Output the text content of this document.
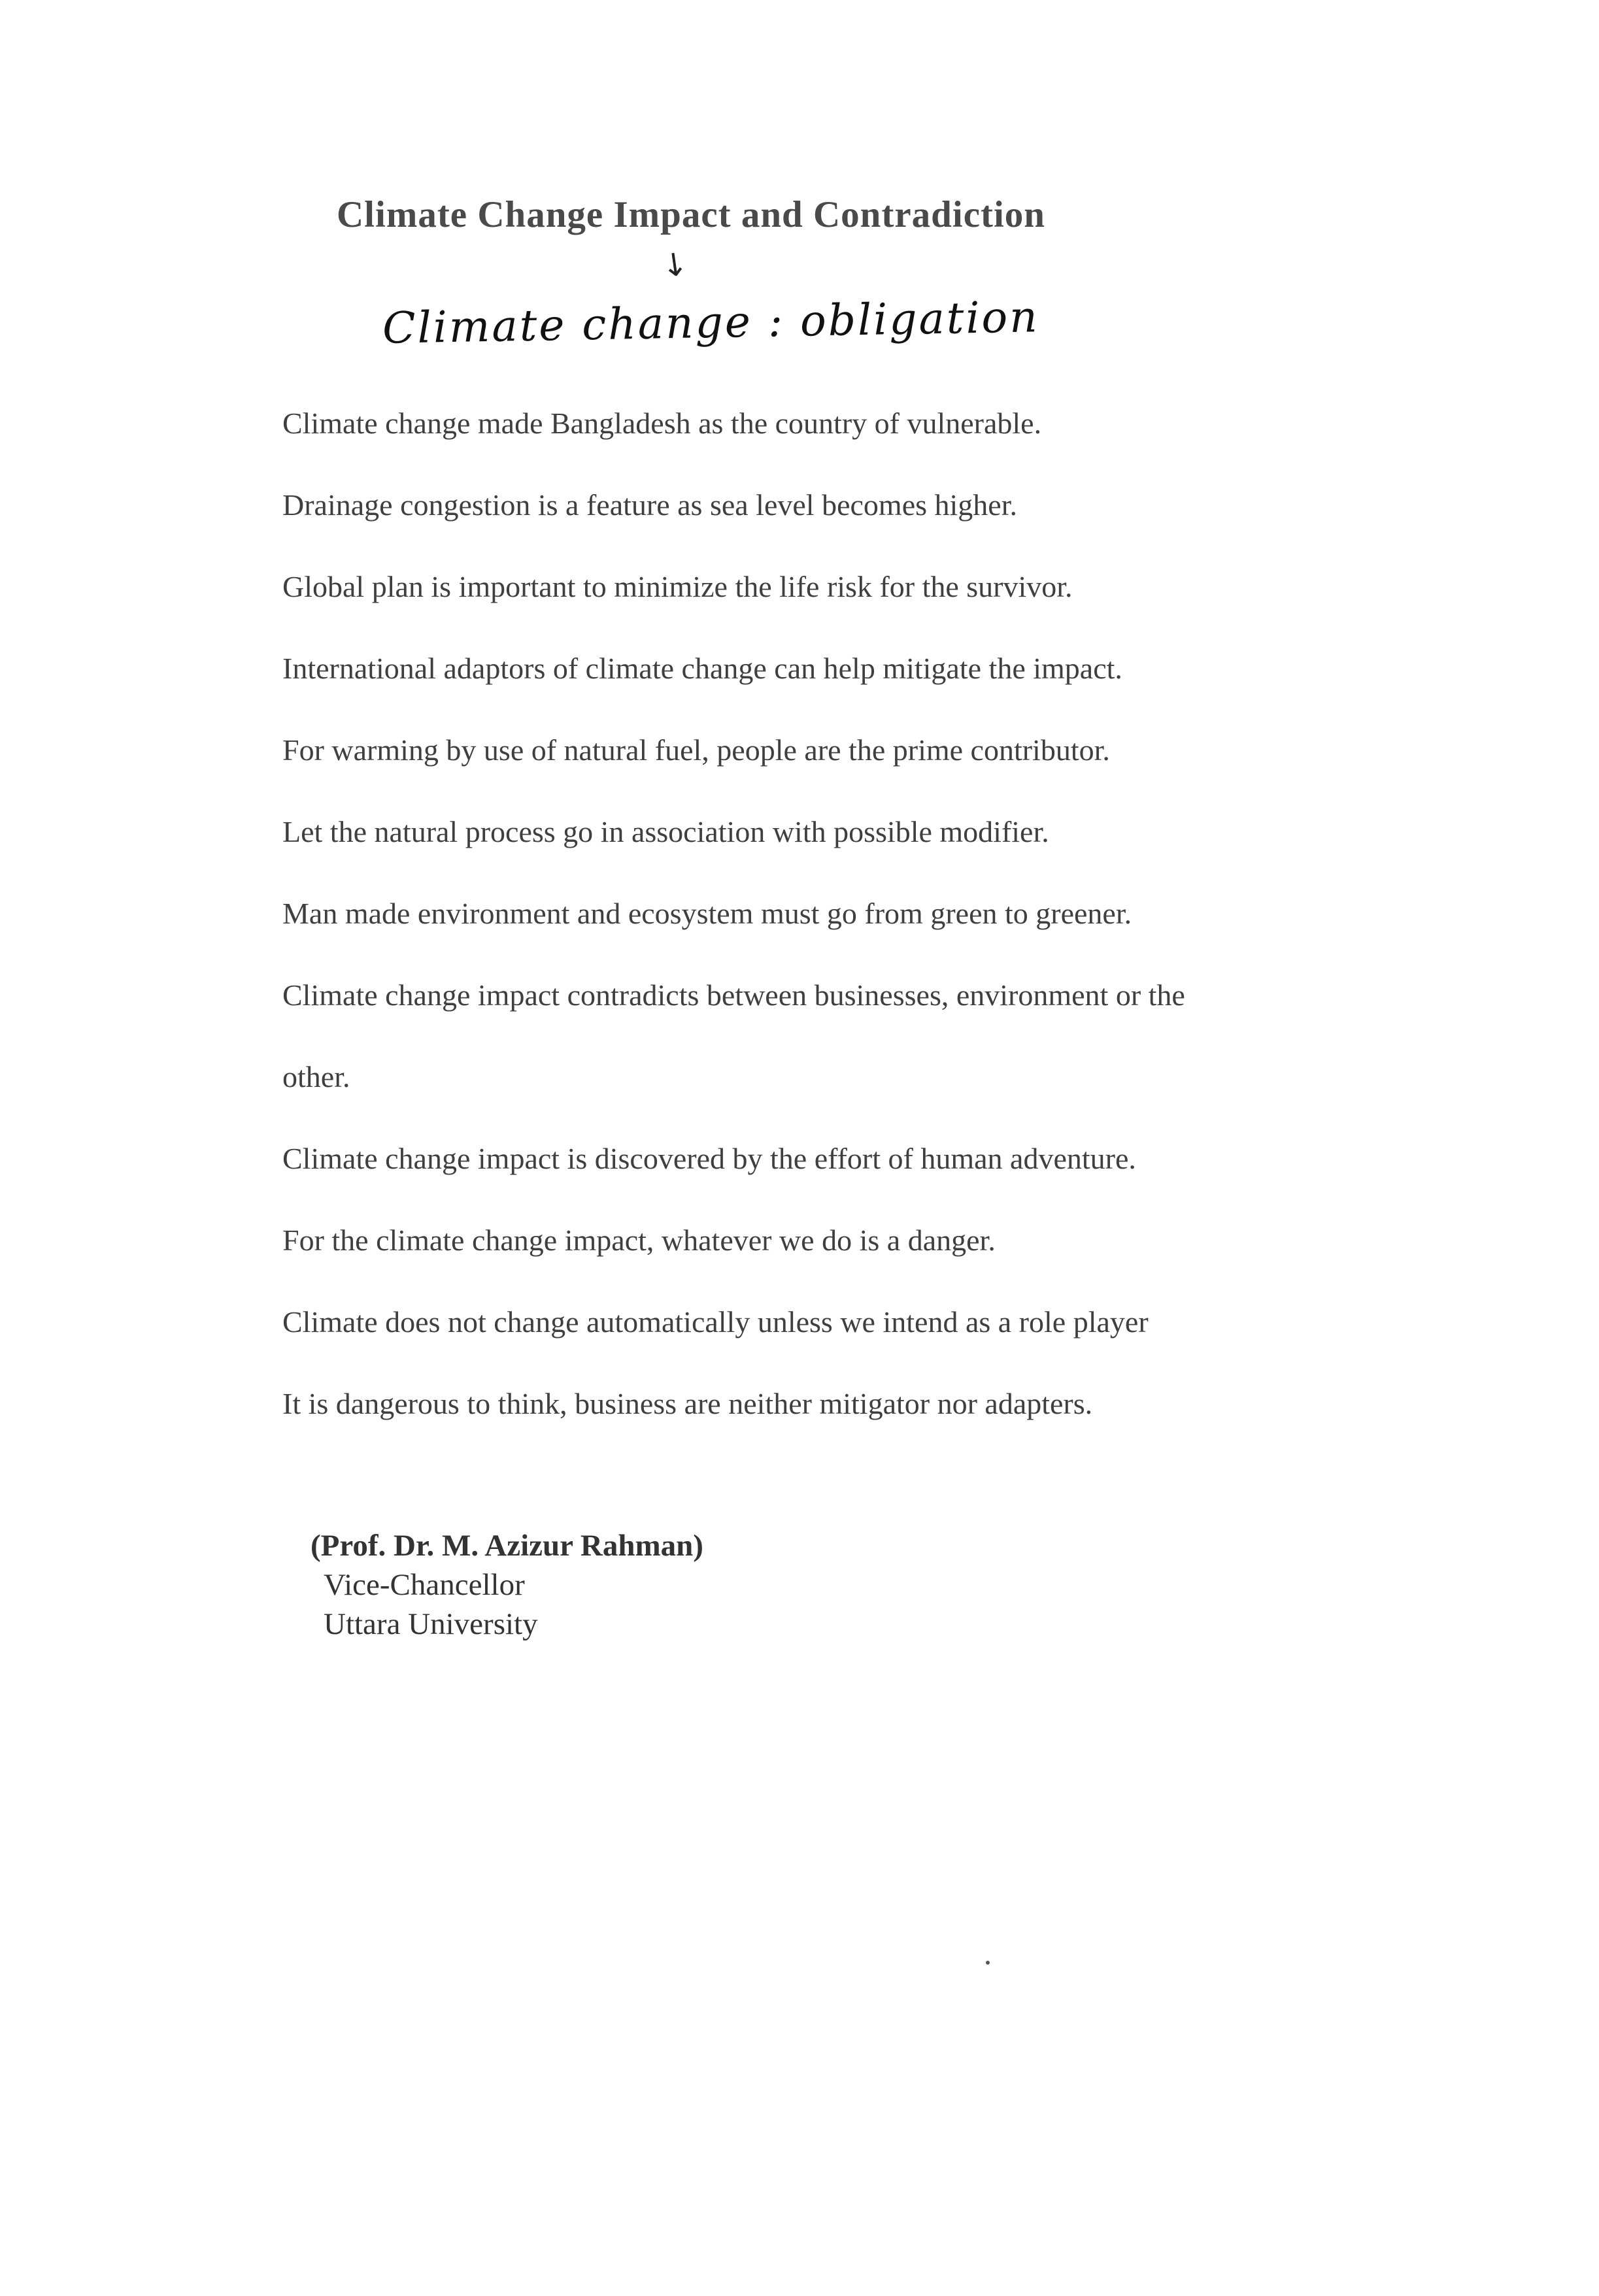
Climate Change Impact and Contradiction
↓
Climate change : obligation
Climate change made Bangladesh as the country of vulnerable.
Drainage congestion is a feature as sea level becomes higher.
Global plan is important to minimize the life risk for the survivor.
International adaptors of climate change can help mitigate the impact.
For warming by use of natural fuel, people are the prime contributor.
Let the natural process go in association with possible modifier.
Man made environment and ecosystem must go from green to greener.
Climate change impact contradicts between businesses, environment or the
other.
Climate change impact is discovered by the effort of human adventure.
For the climate change impact, whatever we do is a danger.
Climate does not change automatically unless we intend as a role player
It is dangerous to think, business are neither mitigator nor adapters.
(Prof. Dr. M. Azizur Rahman)
Vice-Chancellor
Uttara University
